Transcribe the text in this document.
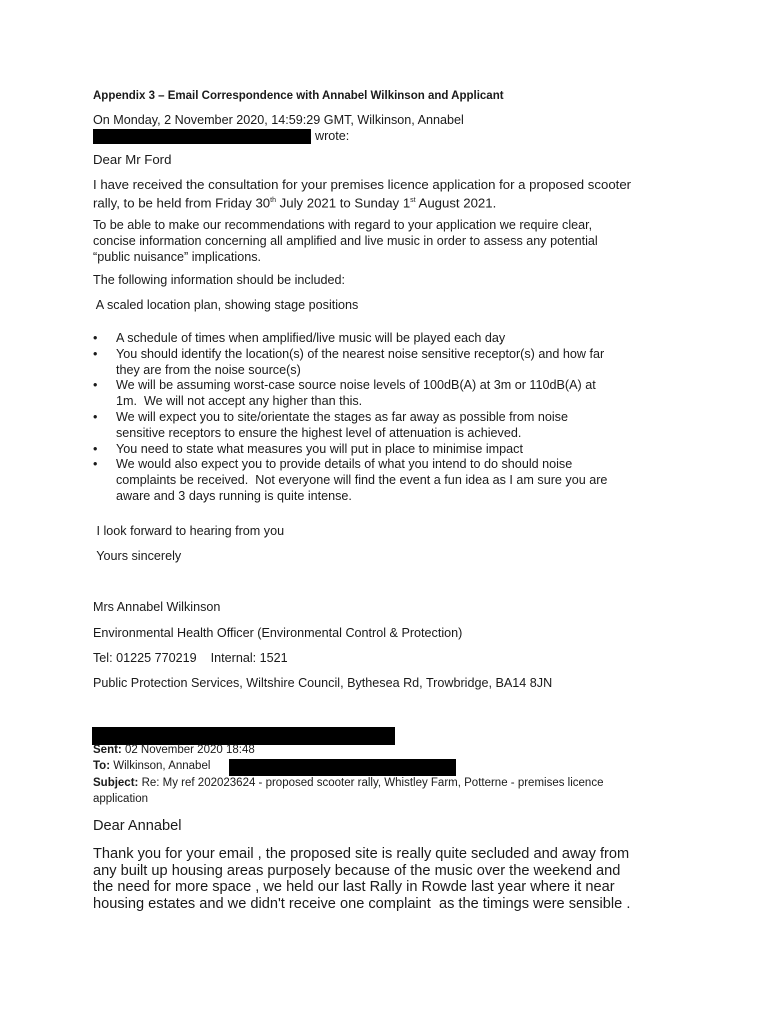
Appendix 3 – Email Correspondence with Annabel Wilkinson and Applicant
On Monday, 2 November 2020, 14:59:29 GMT, Wilkinson, Annabel
wrote:
Dear Mr Ford
I have received the consultation for your premises licence application for a proposed scooter
rally, to be held from Friday 30th July 2021 to Sunday 1st August 2021.
To be able to make our recommendations with regard to your application we require clear,
concise information concerning all amplified and live music in order to assess any potential
“public nuisance” implications.
The following information should be included:
A scaled location plan, showing stage positions
• A schedule of times when amplified/live music will be played each day
• You should identify the location(s) of the nearest noise sensitive receptor(s) and how far
they are from the noise source(s)
• We will be assuming worst-case source noise levels of 100dB(A) at 3m or 110dB(A) at
1m.  We will not accept any higher than this.
• We will expect you to site/orientate the stages as far away as possible from noise
sensitive receptors to ensure the highest level of attenuation is achieved.
• You need to state what measures you will put in place to minimise impact
• We would also expect you to provide details of what you intend to do should noise
complaints be received.  Not everyone will find the event a fun idea as I am sure you are
aware and 3 days running is quite intense.
I look forward to hearing from you
Yours sincerely
Mrs Annabel Wilkinson
Environmental Health Officer (Environmental Control & Protection)
Tel: 01225 770219    Internal: 1521
Public Protection Services, Wiltshire Council, Bythesea Rd, Trowbridge, BA14 8JN
Sent: 02 November 2020 18:48
To: Wilkinson, Annabel
Subject: Re: My ref 202023624 - proposed scooter rally, Whistley Farm, Potterne - premises licence
application
Dear Annabel
Thank you for your email , the proposed site is really quite secluded and away from
any built up housing areas purposely because of the music over the weekend and
the need for more space , we held our last Rally in Rowde last year where it near
housing estates and we didn't receive one complaint  as the timings were sensible .
